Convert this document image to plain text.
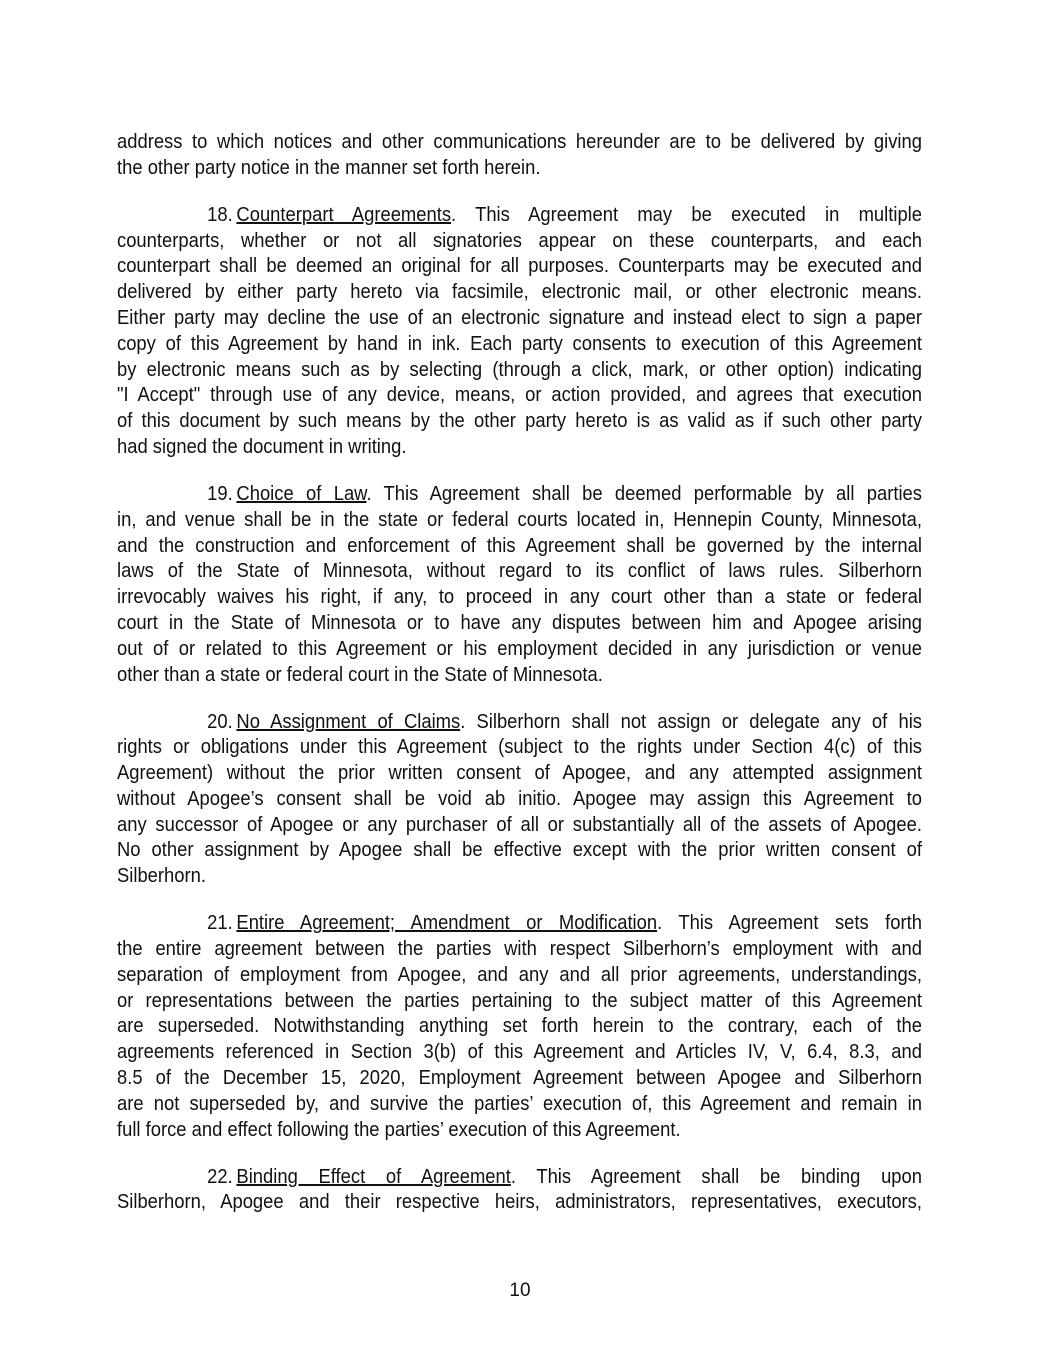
address to which notices and other communications hereunder are to be delivered by giving
the other party notice in the manner set forth herein.
18. Counterpart Agreements. This Agreement may be executed in multiple
counterparts, whether or not all signatories appear on these counterparts, and each
counterpart shall be deemed an original for all purposes. Counterparts may be executed and
delivered by either party hereto via facsimile, electronic mail, or other electronic means.
Either party may decline the use of an electronic signature and instead elect to sign a paper
copy of this Agreement by hand in ink. Each party consents to execution of this Agreement
by electronic means such as by selecting (through a click, mark, or other option) indicating
"I Accept" through use of any device, means, or action provided, and agrees that execution
of this document by such means by the other party hereto is as valid as if such other party
had signed the document in writing.
19. Choice of Law. This Agreement shall be deemed performable by all parties
in, and venue shall be in the state or federal courts located in, Hennepin County, Minnesota,
and the construction and enforcement of this Agreement shall be governed by the internal
laws of the State of Minnesota, without regard to its conflict of laws rules. Silberhorn
irrevocably waives his right, if any, to proceed in any court other than a state or federal
court in the State of Minnesota or to have any disputes between him and Apogee arising
out of or related to this Agreement or his employment decided in any jurisdiction or venue
other than a state or federal court in the State of Minnesota.
20. No Assignment of Claims. Silberhorn shall not assign or delegate any of his
rights or obligations under this Agreement (subject to the rights under Section 4(c) of this
Agreement) without the prior written consent of Apogee, and any attempted assignment
without Apogee’s consent shall be void ab initio. Apogee may assign this Agreement to
any successor of Apogee or any purchaser of all or substantially all of the assets of Apogee.
No other assignment by Apogee shall be effective except with the prior written consent of
Silberhorn.
21. Entire Agreement; Amendment or Modification. This Agreement sets forth
the entire agreement between the parties with respect Silberhorn’s employment with and
separation of employment from Apogee, and any and all prior agreements, understandings,
or representations between the parties pertaining to the subject matter of this Agreement
are superseded. Notwithstanding anything set forth herein to the contrary, each of the
agreements referenced in Section 3(b) of this Agreement and Articles IV, V, 6.4, 8.3, and
8.5 of the December 15, 2020, Employment Agreement between Apogee and Silberhorn
are not superseded by, and survive the parties’ execution of, this Agreement and remain in
full force and effect following the parties’ execution of this Agreement.
22. Binding Effect of Agreement. This Agreement shall be binding upon
Silberhorn, Apogee and their respective heirs, administrators, representatives, executors,
10
